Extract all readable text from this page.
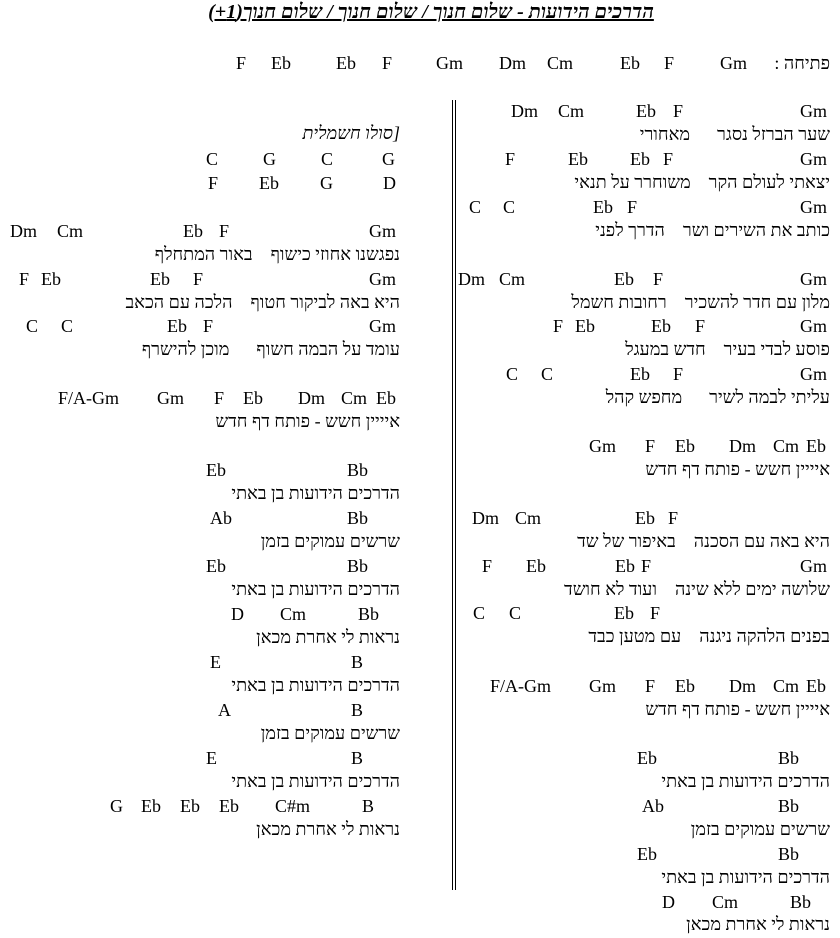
הדרכים הידועות - שלום חנוך / שלום חנוך / שלום חנוך(1+)
פתיחה :
Gm
F
Eb
Cm
Dm
Gm
F
Eb
Eb
F
Gm
F
Eb
Cm
Dm
שער הברזל נסגר      מאחורי
Gm
F
Eb
Eb
F
יצאתי לעולם הקר    משוחרר על תנאי
Gm
F
Eb
C
C
כותב את השירים ושר    הדרך לפני
Gm
F
Eb
Cm
Dm
מלון עם חדר להשכיר    רחובות חשמל
Gm
F
Eb
Eb
F
פוסע לבדי בעיר    חדש במעגל
Gm
F
Eb
C
C
עליתי לבמה לשיר      מחפש קהל
Eb
Cm
Dm
Eb
F
Gm
איייין חשש - פותח דף חדש
F
Eb
Cm
Dm
היא באה עם הסכנה    באיפור של שד
Gm
F
Eb
Eb
F
שלושה ימים ללא שינה    ועוד לא חושד
F
Eb
C
C
בפנים הלהקה ניגנה    עם מטען כבד
Eb
Cm
Dm
Eb
F
Gm
F/A-Gm
איייין חשש - פותח דף חדש
Bb
Eb
הדרכים הידועות בן באתי
Bb
Ab
שרשים עמוקים בזמן
Bb
Eb
הדרכים הידועות בן באתי
Bb
Cm
D
נראות לי אחרת מכאן
[סולו חשמלית
G
C
G
C
D
G
Eb
F
Gm
F
Eb
Cm
Dm
נפגשנו אחוזי כישוף    באור המתחלף
Gm
F
Eb
Eb
F
היא באה לביקור חטוף    הלכה עם הכאב
Gm
F
Eb
C
C
עומד על הבמה חשוף      מוכן להישרף
Eb
Cm
Dm
Eb
F
Gm
F/A-Gm
איייין חשש - פותח דף חדש
Bb
Eb
הדרכים הידועות בן באתי
Bb
Ab
שרשים עמוקים בזמן
Bb
Eb
הדרכים הידועות בן באתי
Bb
Cm
D
נראות לי אחרת מכאן
B
E
הדרכים הידועות בן באתי
B
A
שרשים עמוקים בזמן
B
E
הדרכים הידועות בן באתי
B
C#m
Eb
Eb
Eb
G
נראות לי אחרת מכאן
